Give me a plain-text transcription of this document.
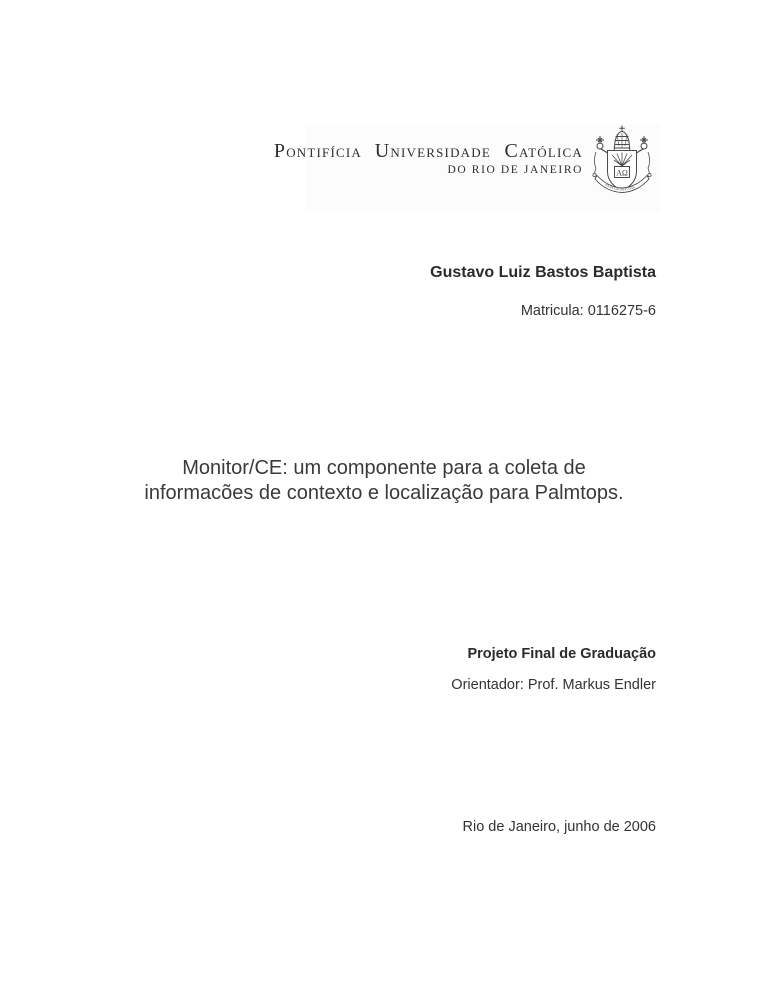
PONTIFÍCIA UNIVERSIDADE CATÓLICA
DO RIO DE JANEIRO	ΑΩ
ALIS GRAVE NIL
Gustavo Luiz Bastos Baptista
Matricula: 0116275-6
Monitor/CE: um componente para a coleta de
informacões de contexto e localização para Palmtops.
Projeto Final de Graduação
Orientador: Prof. Markus Endler
Rio de Janeiro, junho de 2006
